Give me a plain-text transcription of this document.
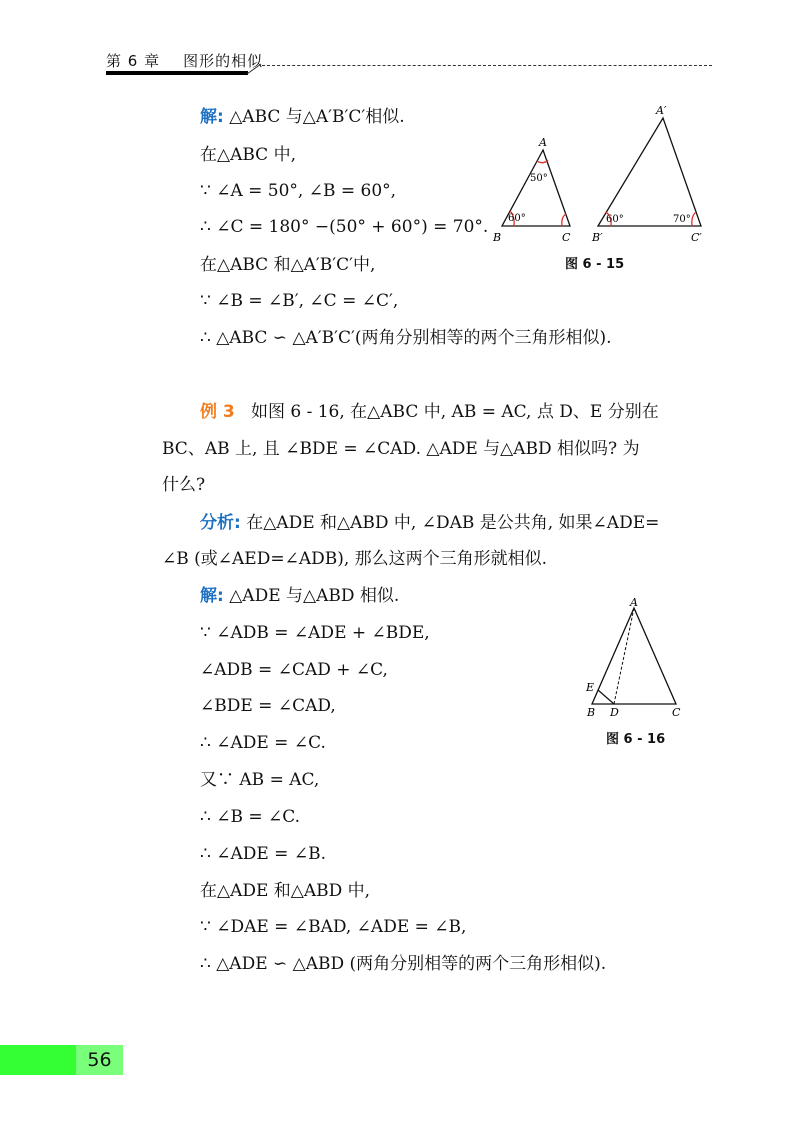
第 6 章 图形的相似
解: △ABC 与△A′B′C′相似.
在△ABC 中,
∵ ∠A = 50°, ∠B = 60°,
∴ ∠C = 180° −(50° + 60°) = 70°.
在△ABC 和△A′B′C′中,
∵ ∠B = ∠B′, ∠C = ∠C′,
∴ △ABC ∽ △A′B′C′(两角分别相等的两个三角形相似).
A
B	C
50°
60°
A′
B′	C′
60°	70°
图 6 - 15
例 3 如图 6 - 16, 在△ABC 中, AB = AC, 点 D、E 分别在
BC、AB 上, 且 ∠BDE = ∠CAD. △ADE 与△ABD 相似吗? 为
什么?
分析: 在△ADE 和△ABD 中, ∠DAB 是公共角, 如果∠ADE=
∠B (或∠AED=∠ADB), 那么这两个三角形就相似.
解: △ADE 与△ABD 相似.
∵ ∠ADB = ∠ADE + ∠BDE,
∠ADB = ∠CAD + ∠C,
∠BDE = ∠CAD,
∴ ∠ADE = ∠C.
又∵ AB = AC,
∴ ∠B = ∠C.
∴ ∠ADE = ∠B.
在△ADE 和△ABD 中,
∵ ∠DAE = ∠BAD, ∠ADE = ∠B,
∴ △ADE ∽ △ABD (两角分别相等的两个三角形相似).
A
B D	C
E
图 6 - 16
56
